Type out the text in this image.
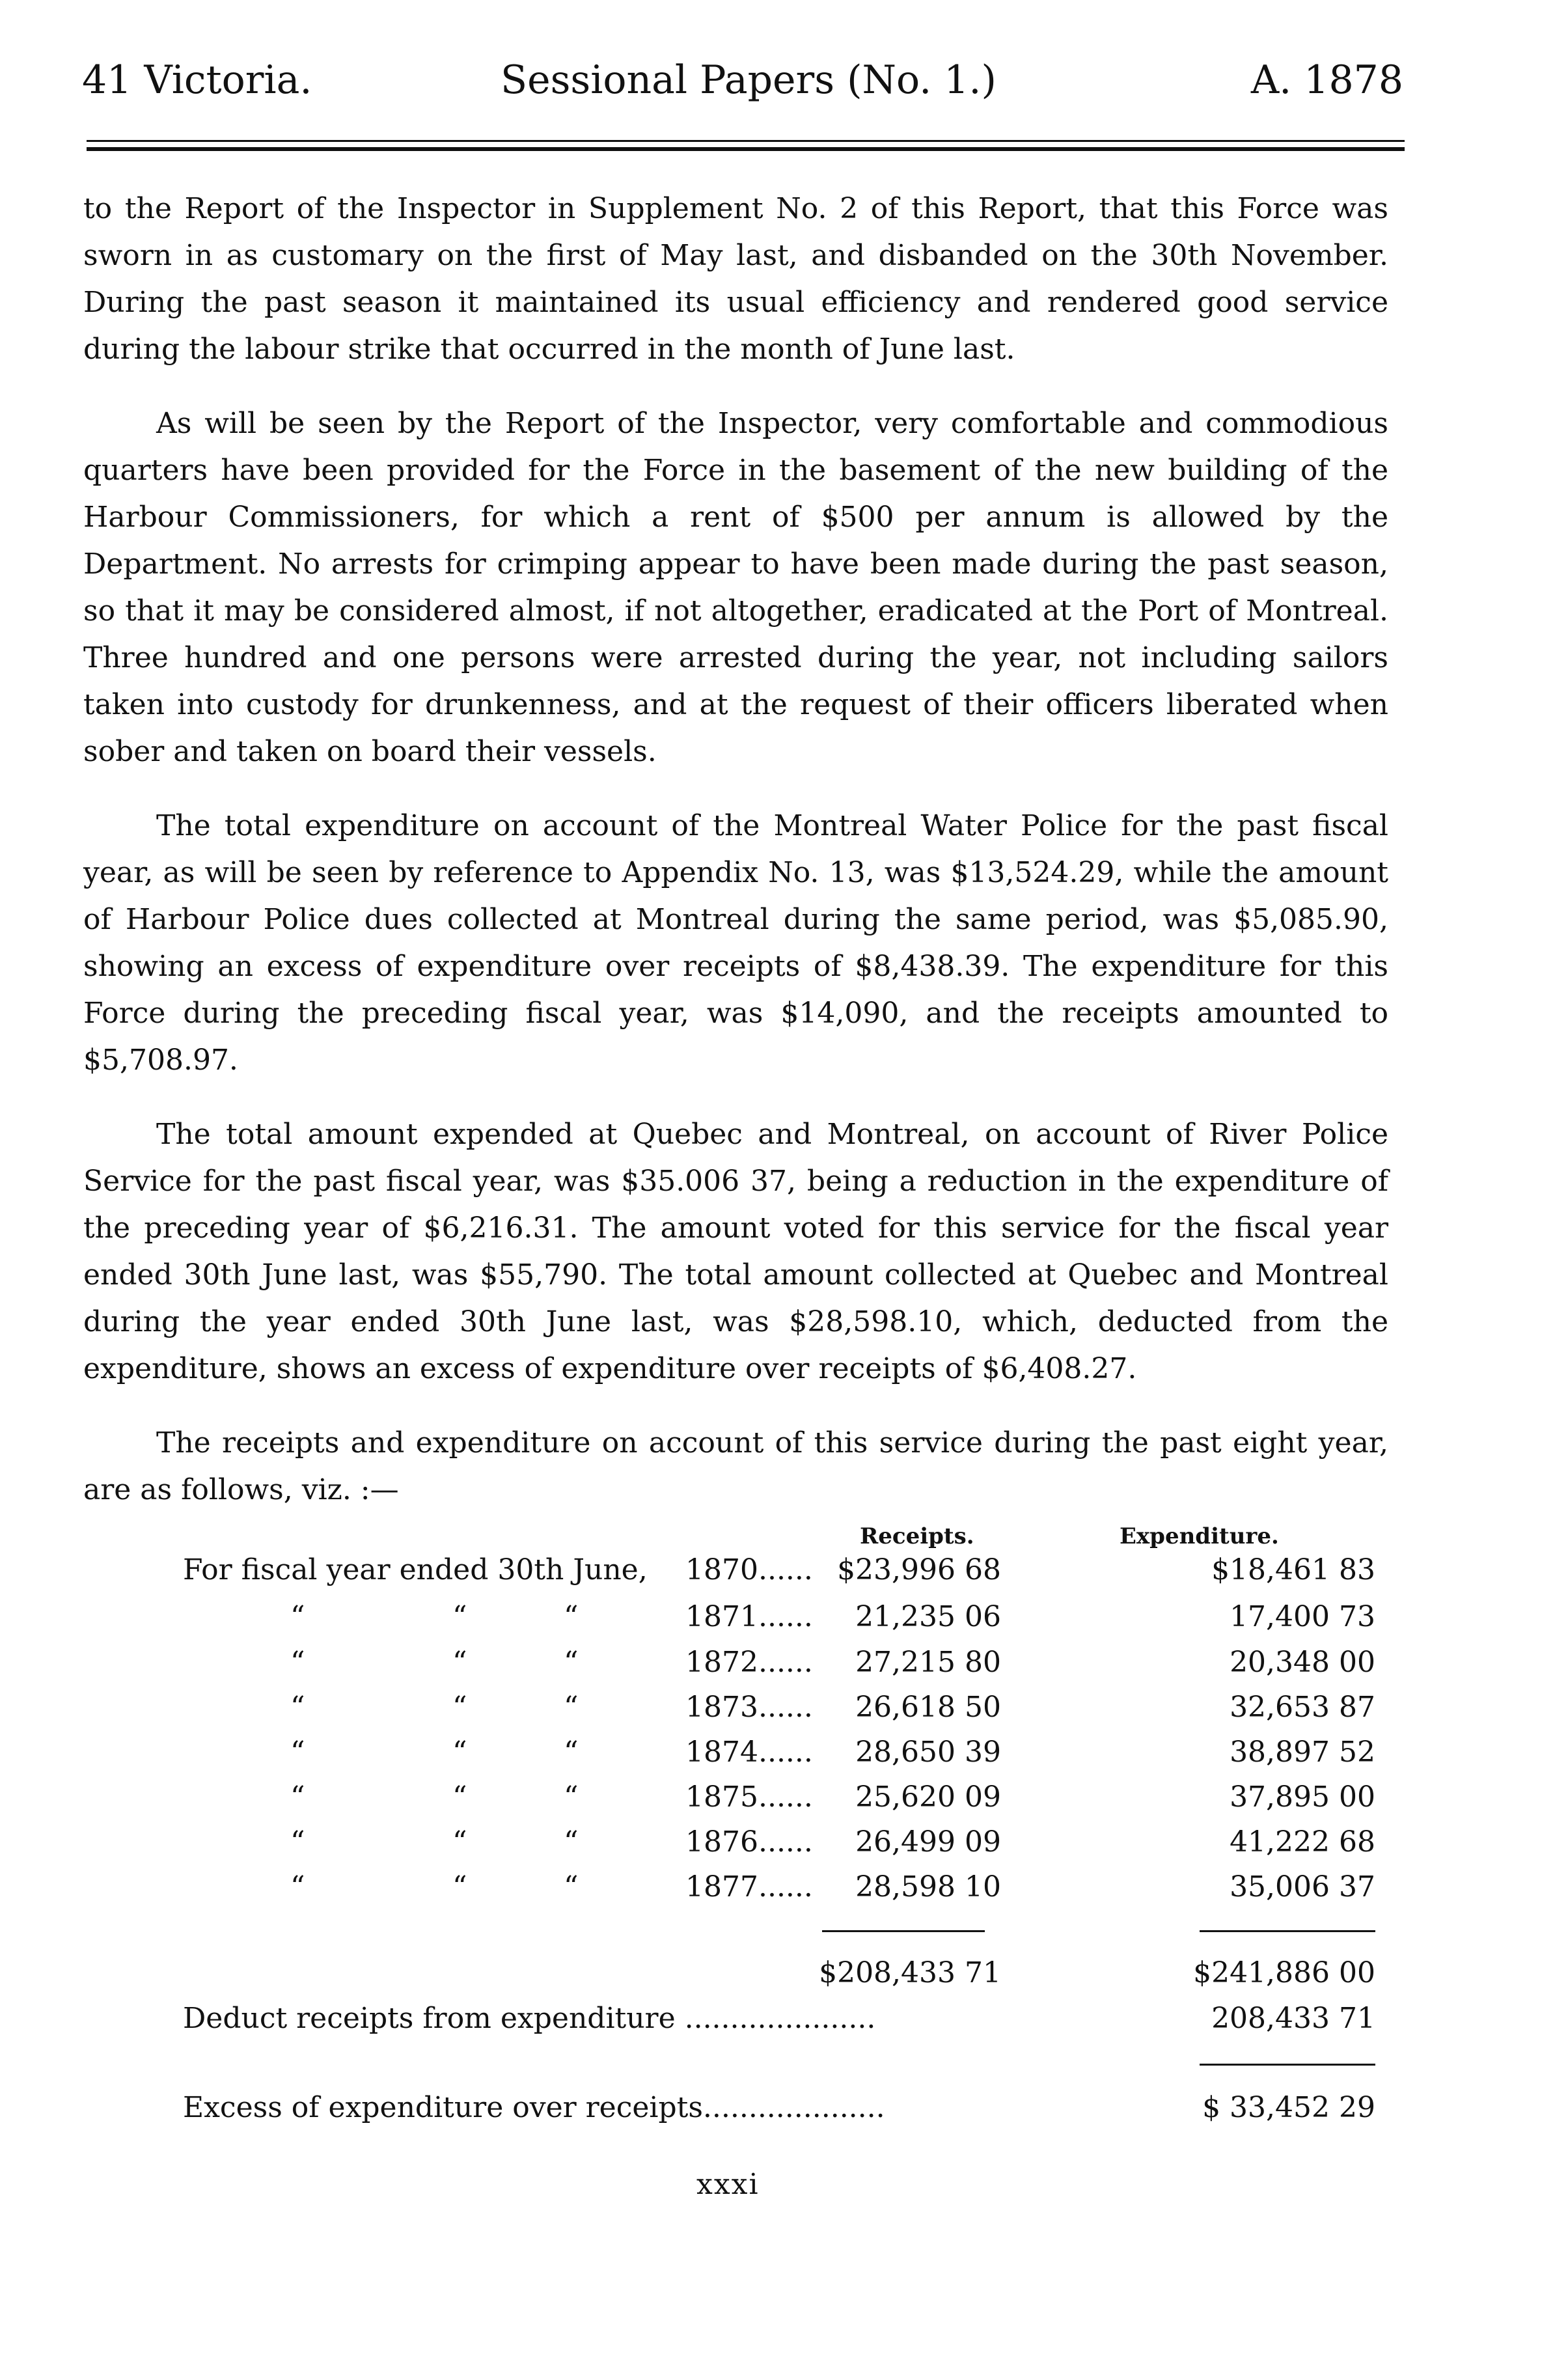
41 Victoria.	Sessional Papers (No. 1.)	A. 1878

to the Report of the Inspector in Supplement No. 2 of this Report, that this Force was sworn in as customary on the first of May last, and disbanded on the 30th November. During the past season it maintained its usual efficiency and rendered good service during the labour strike that occurred in the month of June last.

As will be seen by the Report of the Inspector, very comfortable and commodious quarters have been provided for the Force in the basement of the new building of the Harbour Commissioners, for which a rent of $500 per annum is allowed by the Department. No arrests for crimping appear to have been made during the past season, so that it may be considered almost, if not altogether, eradicated at the Port of Montreal. Three hundred and one persons were arrested during the year, not including sailors taken into custody for drunkenness, and at the request of their officers liberated when sober and taken on board their vessels.

The total expenditure on account of the Montreal Water Police for the past fiscal year, as will be seen by reference to Appendix No. 13, was $13,524.29, while the amount of Harbour Police dues collected at Montreal during the same period, was $5,085.90, showing an excess of expenditure over receipts of $8,438.39. The expenditure for this Force during the preceding fiscal year, was $14,090, and the receipts amounted to $5,708.97.

The total amount expended at Quebec and Montreal, on account of River Police Service for the past fiscal year, was $35.006 37, being a reduction in the expenditure of the preceding year of $6,216.31. The amount voted for this service for the fiscal year ended 30th June last, was $55,790. The total amount collected at Quebec and Montreal during the year ended 30th June last, was $28,598.10, which, deducted from the expenditure, shows an excess of expenditure over receipts of $6,408.27.

The receipts and expenditure on account of this service during the past eight year, are as follows, viz. :—

Receipts.	Expenditure.
For fiscal year ended 30th June, 1870...... $23,996 68	$18,461 83
“	“	“	1871...... 21,235 06	17,400 73
“	“	“	1872...... 27,215 80	20,348 00
“	“	“	1873...... 26,618 50	32,653 87
“	“	“	1874...... 28,650 39	38,897 52
“	“	“	1875...... 25,620 09	37,895 00
“	“	“	1876...... 26,499 09	41,222 68
“	“	“	1877...... 28,598 10	35,006 37
$208,433 71	$241,886 00
Deduct receipts from expenditure .....................	208,433 71
Excess of expenditure over receipts....................	$ 33,452 29
xxxi
